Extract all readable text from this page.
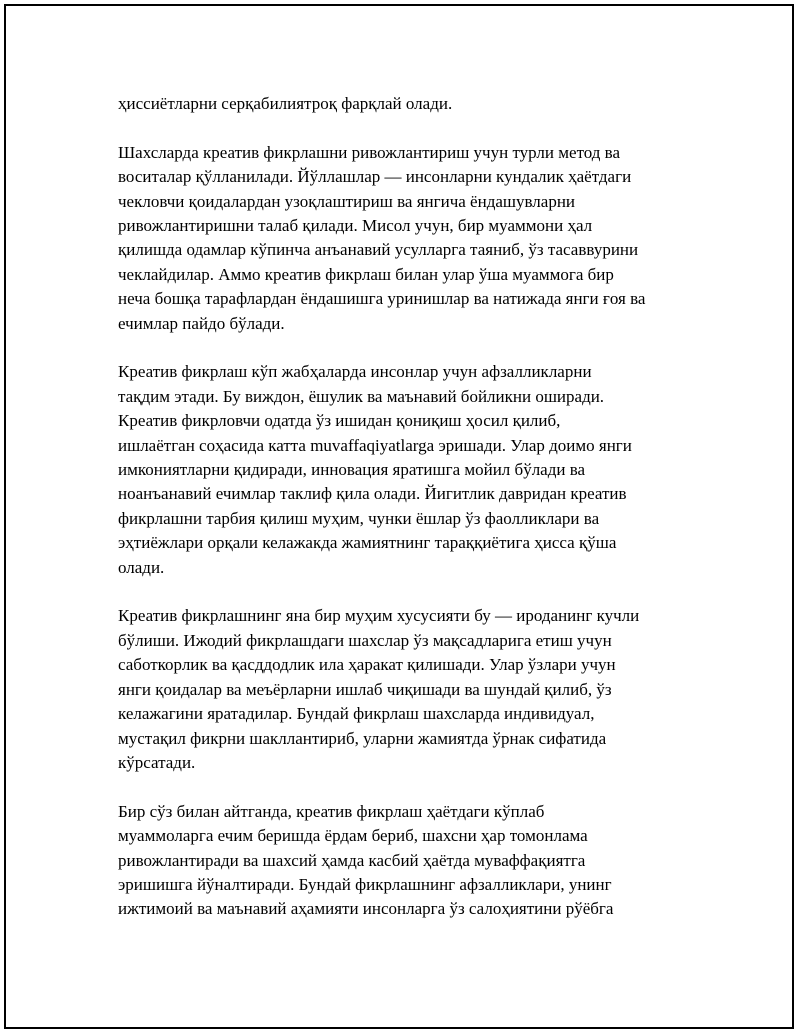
ҳиссиётларни серқабилиятроқ фарқлай олади.

Шахсларда креатив фикрлашни ривожлантириш учун турли метод ва
воситалар қўлланилади. Йўллашлар — инсонларни кундалик ҳаётдаги
чекловчи қоидалардан узоқлаштириш ва янгича ёндашувларни
ривожлантиришни талаб қилади. Мисол учун, бир муаммони ҳал
қилишда одамлар кўпинча анъанавий усулларга таяниб, ўз тасаввурини
чеклайдилар. Аммо креатив фикрлаш билан улар ўша муаммога бир
неча бошқа тарафлардан ёндашишга уринишлар ва натижада янги ғоя ва
ечимлар пайдо бўлади.

Креатив фикрлаш кўп жабҳаларда инсонлар учун афзалликларни
тақдим этади. Бу виждон, ёшулик ва маънавий бойликни оширади.
Креатив фикрловчи одатда ўз ишидан қониқиш ҳосил қилиб,
ишлаётган соҳасида катта muvaffaqiyatlarga эришади. Улар доимо янги
имкониятларни қидиради, инновация яратишга мойил бўлади ва
ноанъанавий ечимлар таклиф қила олади. Йигитлик давридан креатив
фикрлашни тарбия қилиш муҳим, чунки ёшлар ўз фаолликлари ва
эҳтиёжлари орқали келажакда жамиятнинг тараққиётига ҳисса қўша
олади.

Креатив фикрлашнинг яна бир муҳим хусусияти бу — ироданинг кучли
бўлиши. Ижодий фикрлашдаги шахслар ўз мақсадларига етиш учун
саботкорлик ва қасддодлик ила ҳаракат қилишади. Улар ўзлари учун
янги қоидалар ва меъёрларни ишлаб чиқишади ва шундай қилиб, ўз
келажагини яратадилар. Бундай фикрлаш шахсларда индивидуал,
мустақил фикрни шакллантириб, уларни жамиятда ўрнак сифатида
кўрсатади.

Бир сўз билан айтганда, креатив фикрлаш ҳаётдаги кўплаб
муаммоларга ечим беришда ёрдам бериб, шахсни ҳар томонлама
ривожлантиради ва шахсий ҳамда касбий ҳаётда муваффақиятга
эришишга йўналтиради. Бундай фикрлашнинг афзалликлари, унинг
ижтимоий ва маънавий аҳамияти инсонларга ўз салоҳиятини рўёбга
